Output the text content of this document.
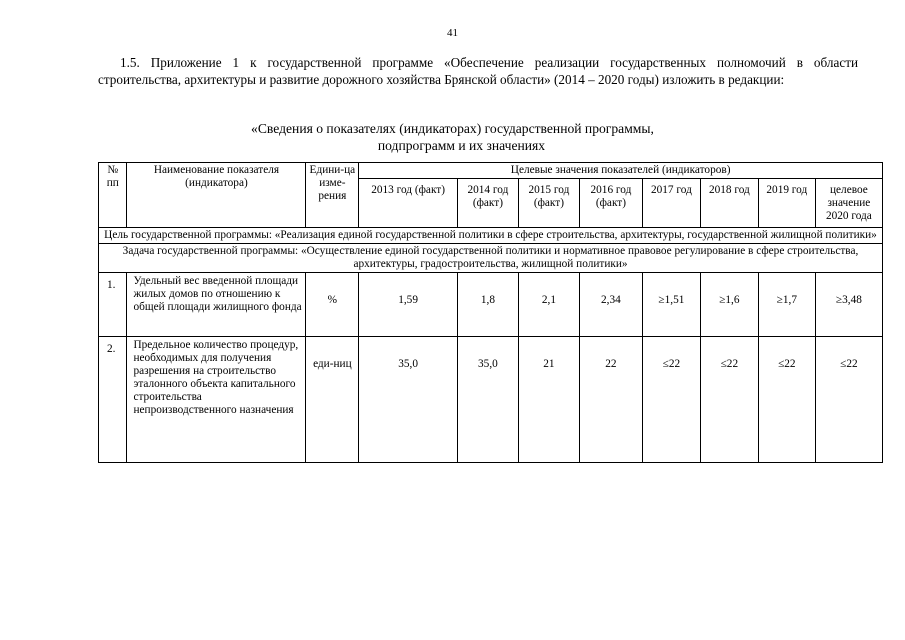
41
1.5. Приложение 1 к государственной программе «Обеспечение реализации государственных полномочий в области строительства, архитектуры и развитие дорожного хозяйства Брянской области» (2014 – 2020 годы) изложить в редакции:
«Сведения о показателях (индикаторах) государственной программы,
подпрограмм и их значениях
№ пп	Наименование показателя (индикатора)	Едини-ца изме-рения	Целевые значения показателей (индикаторов)							
			2013 год (факт)	2014 год (факт)	2015 год (факт)	2016 год (факт)	2017 год	2018 год	2019 год	целевое значение 2020 года
Цель государственной программы: «Реализация единой государственной политики в сфере строительства, архитектуры, государственной жилищной политики»										
Задача государственной программы: «Осуществление единой государственной политики и нормативное правовое регулирование в сфере строительства, архитектуры, градостроительства, жилищной политики»										
1.	Удельный вес введенной площади жилых домов по отношению к общей площади жилищного фонда	%	1,59	1,8	2,1	2,34	≥1,51	≥1,6	≥1,7	≥3,48
2.	Предельное количество процедур, необходимых для получения разрешения на строительство эталонного объекта капитального строительства непроизводственного назначения	еди-ниц	35,0	35,0	21	22	≤22	≤22	≤22	≤22
